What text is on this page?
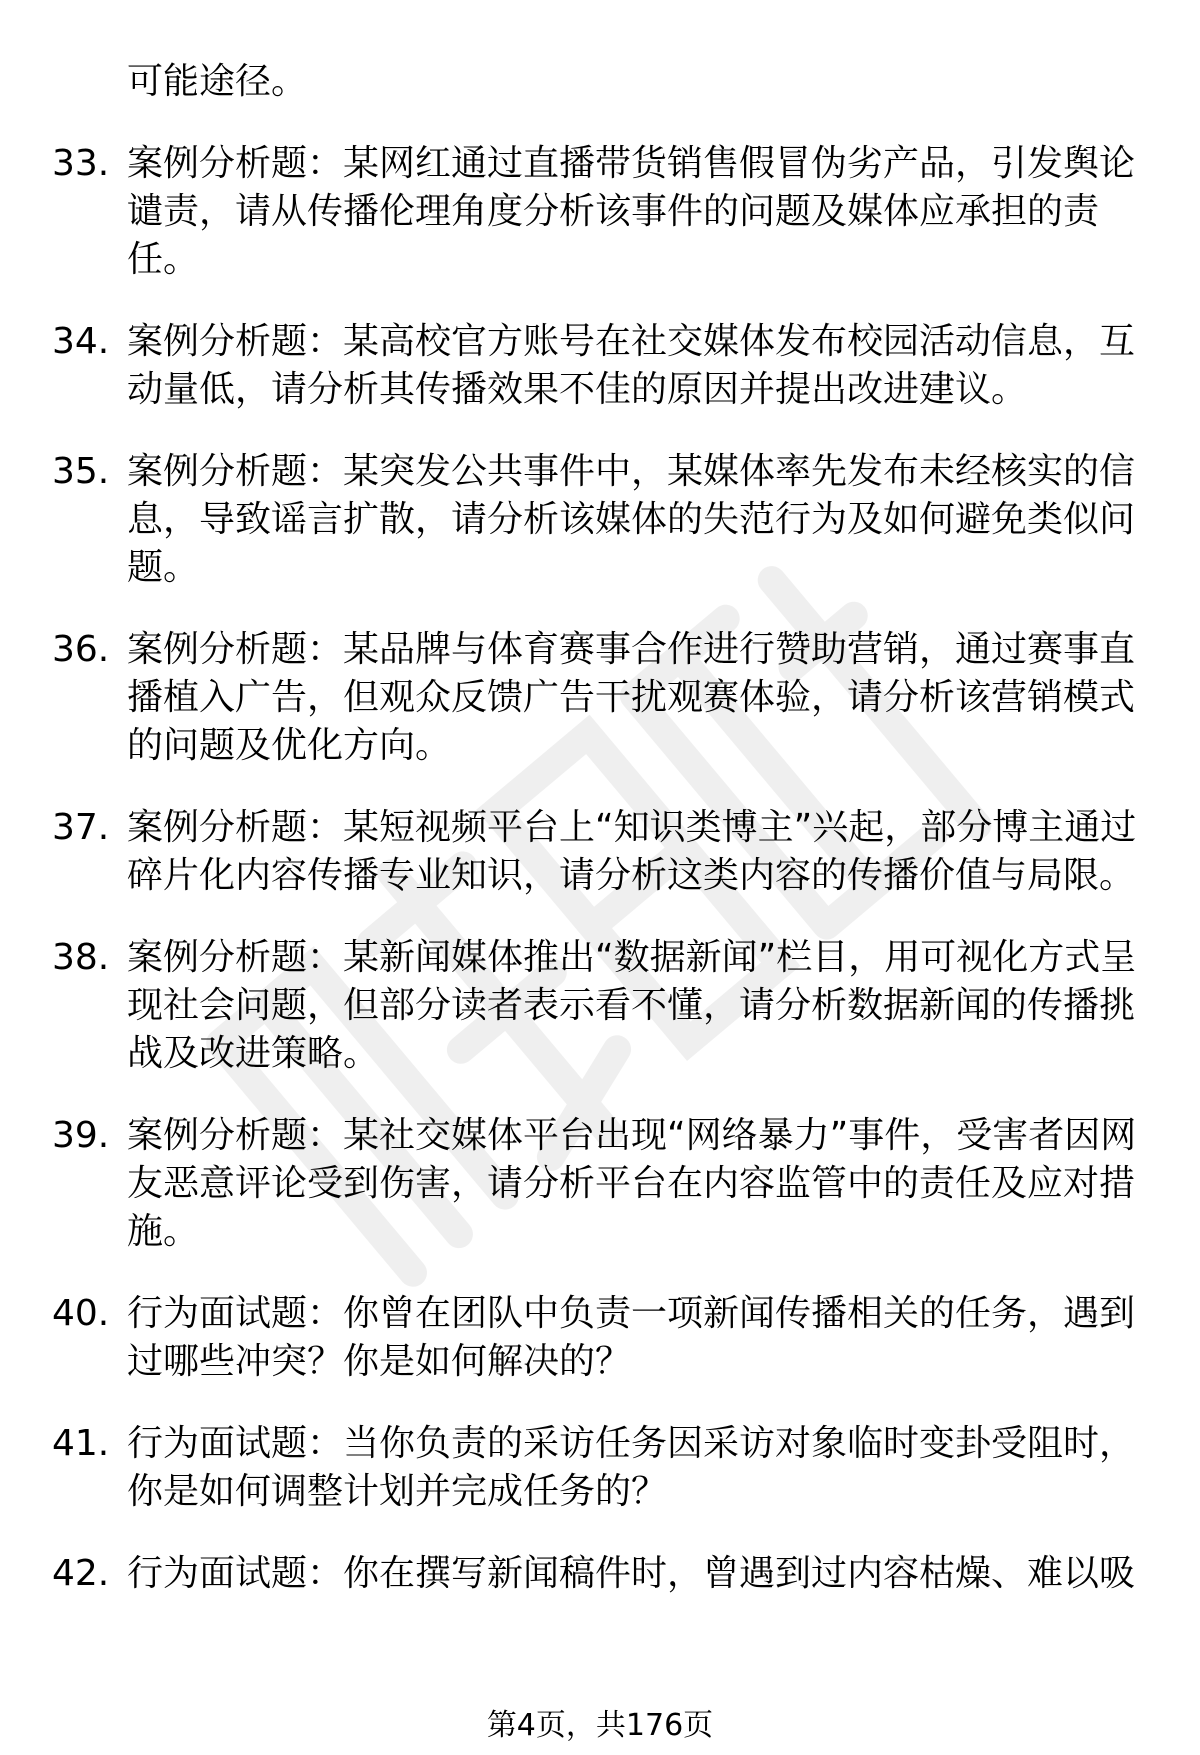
可能途径。
33. 案例分析题：某网红通过直播带货销售假冒伪劣产品，引发舆论谴责，请从传播伦理角度分析该事件的问题及媒体应承担的责任。
34. 案例分析题：某高校官方账号在社交媒体发布校园活动信息，互动量低，请分析其传播效果不佳的原因并提出改进建议。
35. 案例分析题：某突发公共事件中，某媒体率先发布未经核实的信息，导致谣言扩散，请分析该媒体的失范行为及如何避免类似问题。
36. 案例分析题：某品牌与体育赛事合作进行赞助营销，通过赛事直播植入广告，但观众反馈广告干扰观赛体验，请分析该营销模式的问题及优化方向。
37. 案例分析题：某短视频平台上“知识类博主”兴起，部分博主通过碎片化内容传播专业知识，请分析这类内容的传播价值与局限。
38. 案例分析题：某新闻媒体推出“数据新闻”栏目，用可视化方式呈现社会问题，但部分读者表示看不懂，请分析数据新闻的传播挑战及改进策略。
39. 案例分析题：某社交媒体平台出现“网络暴力”事件，受害者因网友恶意评论受到伤害，请分析平台在内容监管中的责任及应对措施。
40. 行为面试题：你曾在团队中负责一项新闻传播相关的任务，遇到过哪些冲突？你是如何解决的？
41. 行为面试题：当你负责的采访任务因采访对象临时变卦受阻时，你是如何调整计划并完成任务的？
42. 行为面试题：你在撰写新闻稿件时，曾遇到过内容枯燥、难以吸
第4页，共176页
